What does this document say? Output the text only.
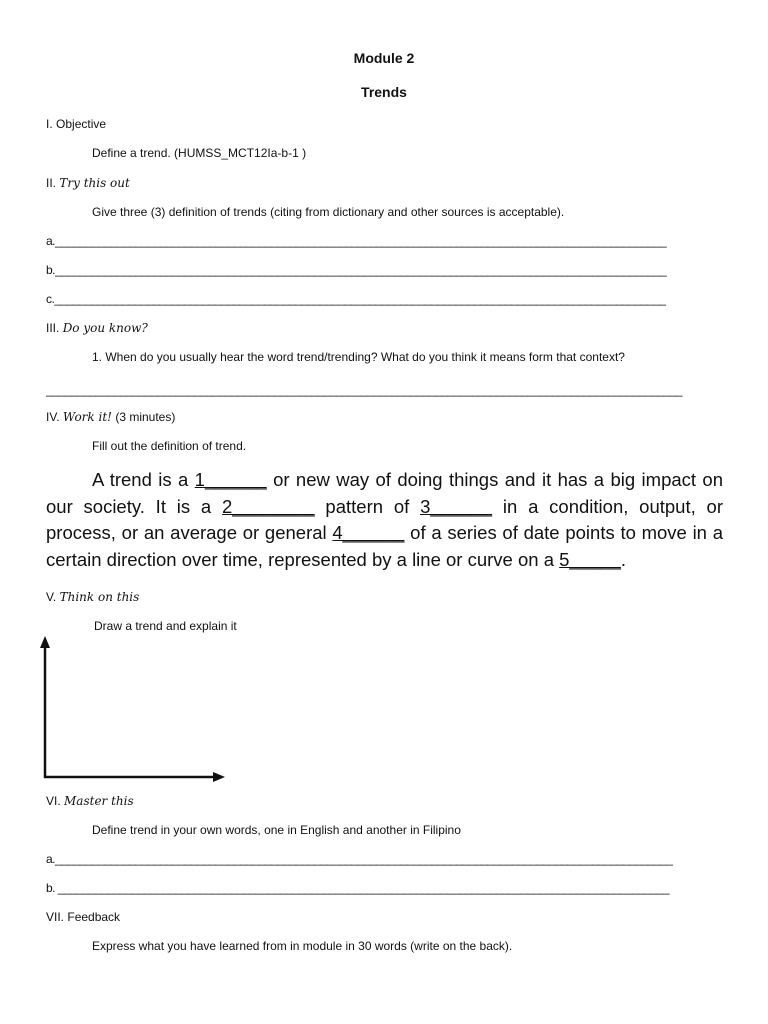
Module 2
Trends
I. Objective
Define a trend. (HUMSS_MCT12Ia-b-1 )
II. Try this out
Give three (3) definition of trends (citing from dictionary and other sources is acceptable).
a.___________________________________________________________________________________________________
b.___________________________________________________________________________________________________
c.___________________________________________________________________________________________________
III. Do you know?
1. When do you usually hear the word trend/trending? What do you think it means form that context?
_______________________________________________________________________________________________________
IV. Work it! (3 minutes)
Fill out the definition of trend.
A trend is a 1______ or new way of doing things and it has a big impact on our society. It is a 2________ pattern of 3______ in a condition, output, or process, or an average or general 4______ of a series of date points to move in a certain direction over time, represented by a line or curve on a 5_____.
V. Think on this
Draw a trend and explain it
VI. Master this
Define trend in your own words, one in English and another in Filipino
a.____________________________________________________________________________________________________
b. ___________________________________________________________________________________________________
VII. Feedback
Express what you have learned from in module in 30 words (write on the back).
